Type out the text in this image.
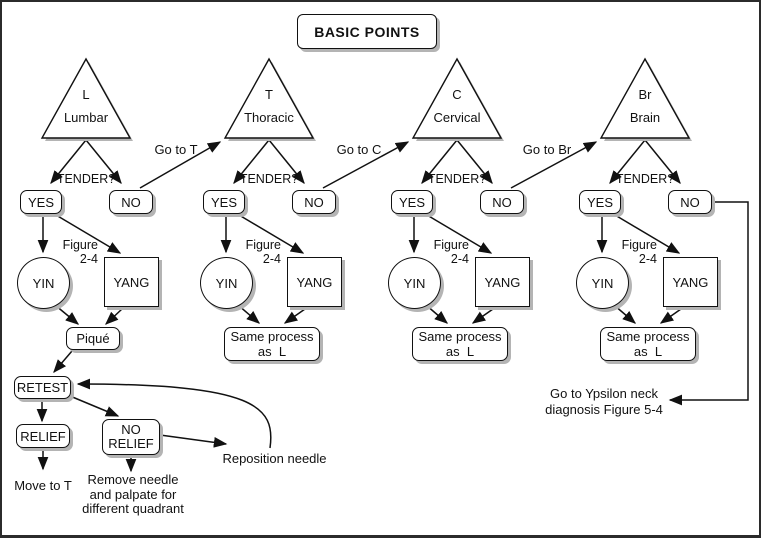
BASIC POINTS
L
Lumbar
TENDER?
YES	NO
Go to T
Figure
2-4
YIN	YANG
Piqué
T
Thoracic
TENDER?
YES	NO
Go to C
Figure
2-4
YIN	YANG
Same process
as  L
C
Cervical
TENDER?
YES	NO
Go to Br
Figure
2-4
YIN	YANG
Same process
as  L
Br
Brain
TENDER?
YES	NO
Figure
2-4
YIN	YANG
Same process
as  L
RETEST
RELIEF	NO
RELIEF
Move to T	Remove needle
and palpate for
different quadrant
Reposition needle
Go to Ypsilon neck
diagnosis Figure 5-4
